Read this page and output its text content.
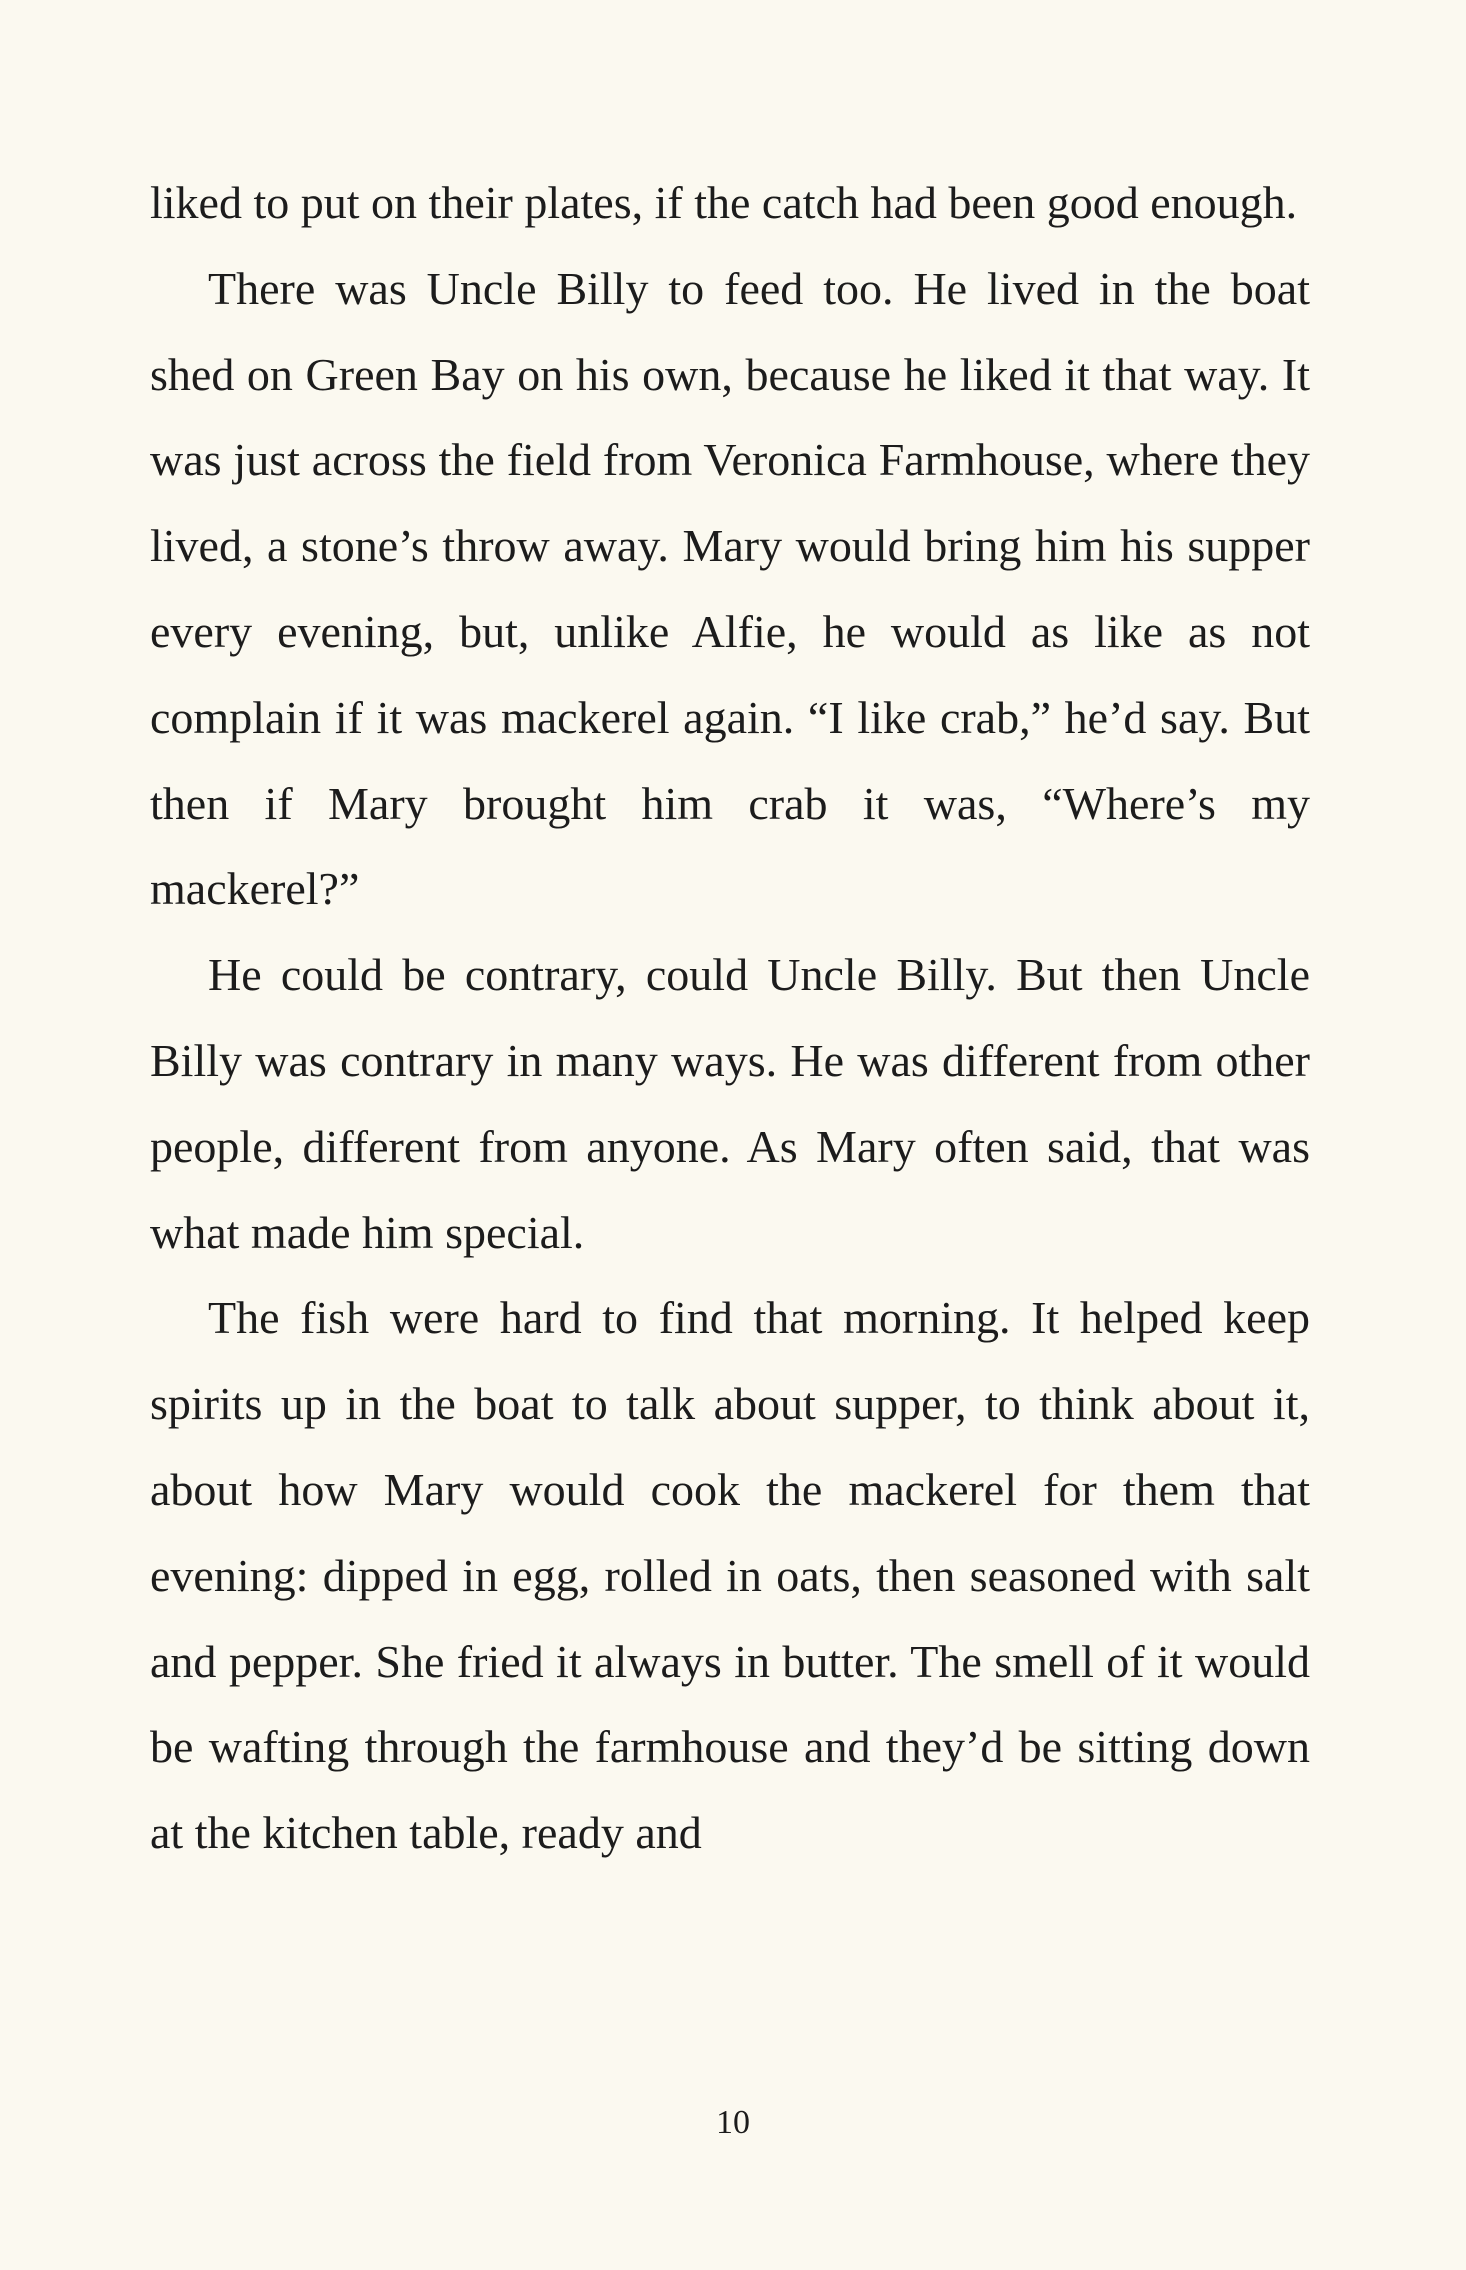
liked to put on their plates, if the catch had been good enough.

There was Uncle Billy to feed too. He lived in the boat shed on Green Bay on his own, because he liked it that way. It was just across the field from Veronica Farmhouse, where they lived, a stone’s throw away. Mary would bring him his supper every evening, but, unlike Alfie, he would as like as not complain if it was mackerel again. “I like crab,” he’d say. But then if Mary brought him crab it was, “Where’s my mackerel?”

He could be contrary, could Uncle Billy. But then Uncle Billy was contrary in many ways. He was different from other people, different from anyone. As Mary often said, that was what made him special.

The fish were hard to find that morning. It helped keep spirits up in the boat to talk about supper, to think about it, about how Mary would cook the mackerel for them that evening: dipped in egg, rolled in oats, then seasoned with salt and pepper. She fried it always in butter. The smell of it would be wafting through the farmhouse and they’d be sitting down at the kitchen table, ready and

10
